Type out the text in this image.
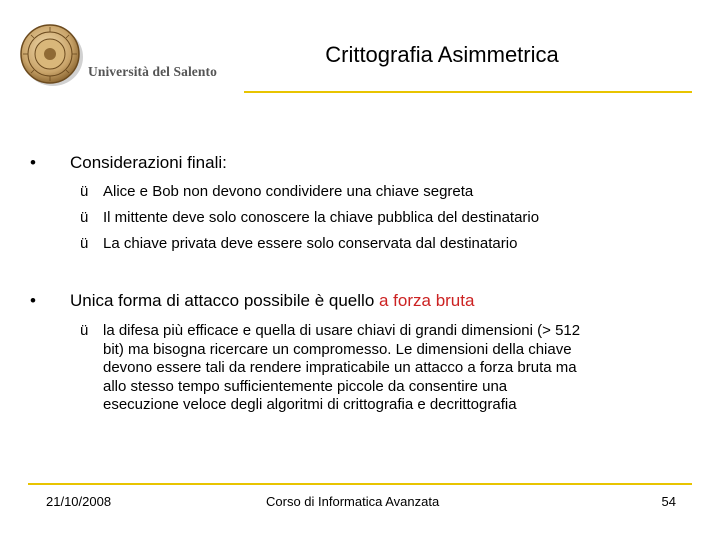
Università del Salento
Crittografia Asimmetrica
• Considerazioni finali:
ü Alice e Bob non devono condividere una chiave segreta
ü Il mittente deve solo conoscere la chiave pubblica del destinatario
ü La chiave privata deve essere solo conservata dal destinatario
• Unica forma di attacco possibile è quello a forza bruta
ü la difesa più efficace e quella di usare chiavi di grandi dimensioni (> 512
bit) ma bisogna ricercare un compromesso. Le dimensioni della chiave
devono essere tali da rendere impraticabile un attacco a forza bruta ma
allo stesso tempo sufficientemente piccole da consentire una
esecuzione veloce degli algoritmi di crittografia e decrittografia
21/10/2008	Corso di Informatica Avanzata	54
